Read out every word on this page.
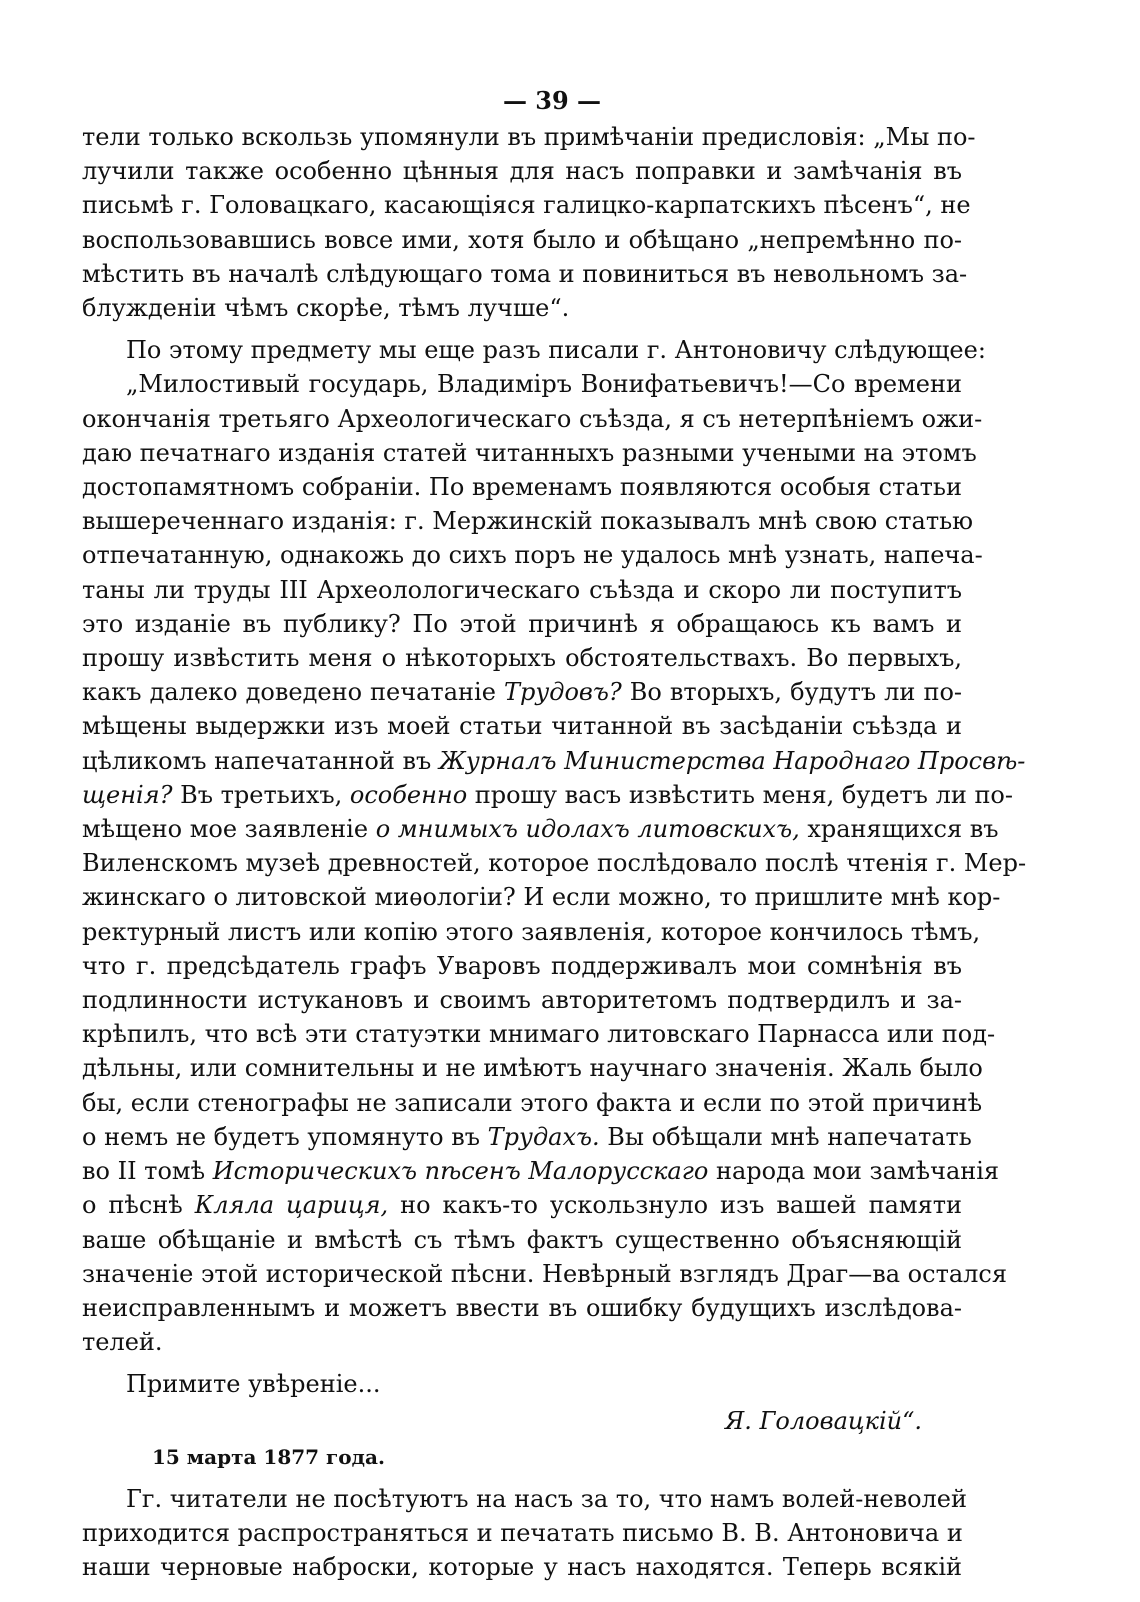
— 39 —
тели только вскользь упомянули въ примѣчаніи предисловія: „Мы по-
лучили также особенно цѣнныя для насъ поправки и замѣчанія въ
письмѣ г. Головацкаго, касающіяся галицко-карпатскихъ пѣсенъ“, не
воспользовавшись вовсе ими, хотя было и обѣщано „непремѣнно по-
мѣстить въ началѣ слѣдующаго тома и повиниться въ невольномъ за-
блужденіи чѣмъ скорѣе, тѣмъ лучше“.
По этому предмету мы еще разъ писали г. Антоновичу слѣдующее:
„Милостивый государь, Владиміръ Вонифатьевичъ!—Со времени
окончанія третьяго Археологическаго съѣзда, я съ нетерпѣніемъ ожи-
даю печатнаго изданія статей читанныхъ разными учеными на этомъ
достопамятномъ собраніи. По временамъ появляются особыя статьи
вышереченнаго изданія: г. Мержинскій показывалъ мнѣ свою статью
отпечатанную, однакожь до сихъ поръ не удалось мнѣ узнать, напеча-
таны ли труды III Археолологическаго съѣзда и скоро ли поступитъ
это изданіе въ публику? По этой причинѣ я обращаюсь къ вамъ и
прошу извѣстить меня о нѣкоторыхъ обстоятельствахъ. Во первыхъ,
какъ далеко доведено печатаніе Трудовъ? Во вторыхъ, будутъ ли по-
мѣщены выдержки изъ моей статьи читанной въ засѣданіи съѣзда и
цѣликомъ напечатанной въ Журналъ Министерства Народнаго Просвѣ-
щенія? Въ третьихъ, особенно прошу васъ извѣстить меня, будетъ ли по-
мѣщено мое заявленіе о мнимыхъ идолахъ литовскихъ, хранящихся въ
Виленскомъ музеѣ древностей, которое послѣдовало послѣ чтенія г. Мер-
жинскаго о литовской миѳологіи? И если можно, то пришлите мнѣ кор-
ректурный листъ или копію этого заявленія, которое кончилось тѣмъ,
что г. предсѣдатель графъ Уваровъ поддерживалъ мои сомнѣнія въ
подлинности истукановъ и своимъ авторитетомъ подтвердилъ и за-
крѣпилъ, что всѣ эти статуэтки мнимаго литовскаго Парнасса или под-
дѣльны, или сомнительны и не имѣютъ научнаго значенія. Жаль было
бы, если стенографы не записали этого факта и если по этой причинѣ
о немъ не будетъ упомянуто въ Трудахъ. Вы обѣщали мнѣ напечатать
во II томѣ Историческихъ пѣсенъ Малорусскаго народа мои замѣчанія
о пѣснѣ Кляла цариця, но какъ-то ускользнуло изъ вашей памяти
ваше обѣщаніе и вмѣстѣ съ тѣмъ фактъ существенно объясняющій
значеніе этой исторической пѣсни. Невѣрный взглядъ Драг—ва остался
неисправленнымъ и можетъ ввести въ ошибку будущихъ изслѣдова-
телей.
Примите увѣреніе...
Я. Головацкій“.
15 марта 1877 года.
Гг. читатели не посѣтуютъ на насъ за то, что намъ волей-неволей
приходится распространяться и печатать письмо В. В. Антоновича и
наши черновые наброски, которые у насъ находятся. Теперь всякій
